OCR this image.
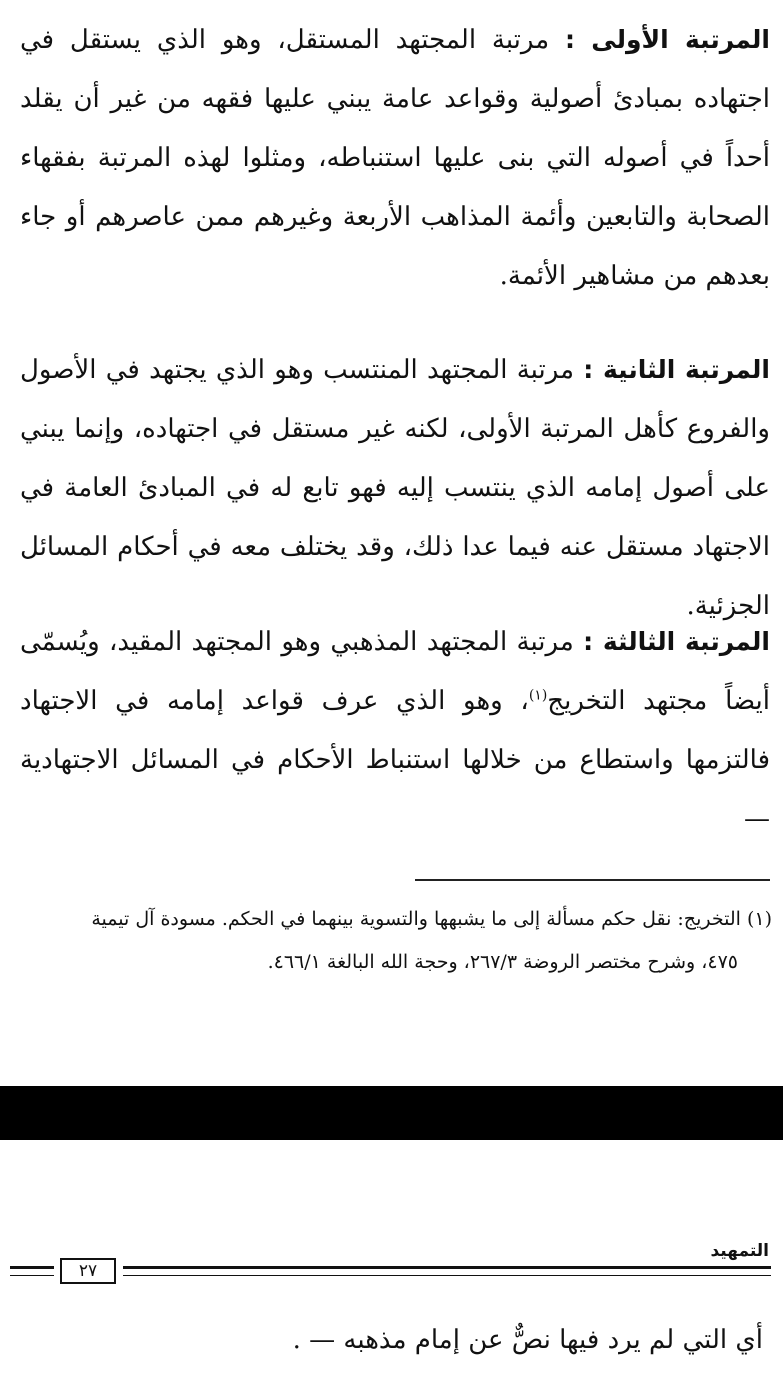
المرتبة الأولى : مرتبة المجتهد المستقل، وهو الذي يستقل في اجتهاده بمبادئ أصولية وقواعد عامة يبني عليها فقهه من غير أن يقلد أحداً في أصوله التي بنى عليها استنباطه، ومثلوا لهذه المرتبة بفقهاء الصحابة والتابعين وأئمة المذاهب الأربعة وغيرهم ممن عاصرهم أو جاء بعدهم من مشاهير الأئمة.

المرتبة الثانية : مرتبة المجتهد المنتسب وهو الذي يجتهد في الأصول والفروع كأهل المرتبة الأولى، لكنه غير مستقل في اجتهاده، وإنما يبني على أصول إمامه الذي ينتسب إليه فهو تابع له في المبادئ العامة في الاجتهاد مستقل عنه فيما عدا ذلك، وقد يختلف معه في أحكام المسائل الجزئية.

المرتبة الثالثة : مرتبة المجتهد المذهبي وهو المجتهد المقيد، ويُسمّى أيضاً مجتهد التخريج$^{(١)}$، وهو الذي عرف قواعد إمامه في الاجتهاد فالتزمها واستطاع من خلالها استنباط الأحكام في المسائل الاجتهادية —

(١) التخريج: نقل حكم مسألة إلى ما يشبهها والتسوية بينهما في الحكم. مسودة آل تيمية
٤٧٥، وشرح مختصر الروضة ٢٦٧/٣، وحجة الله البالغة ٤٦٦/١.

التمهيد
٢٧
أي التي لم يرد فيها نصٌّ عن إمام مذهبه — .
